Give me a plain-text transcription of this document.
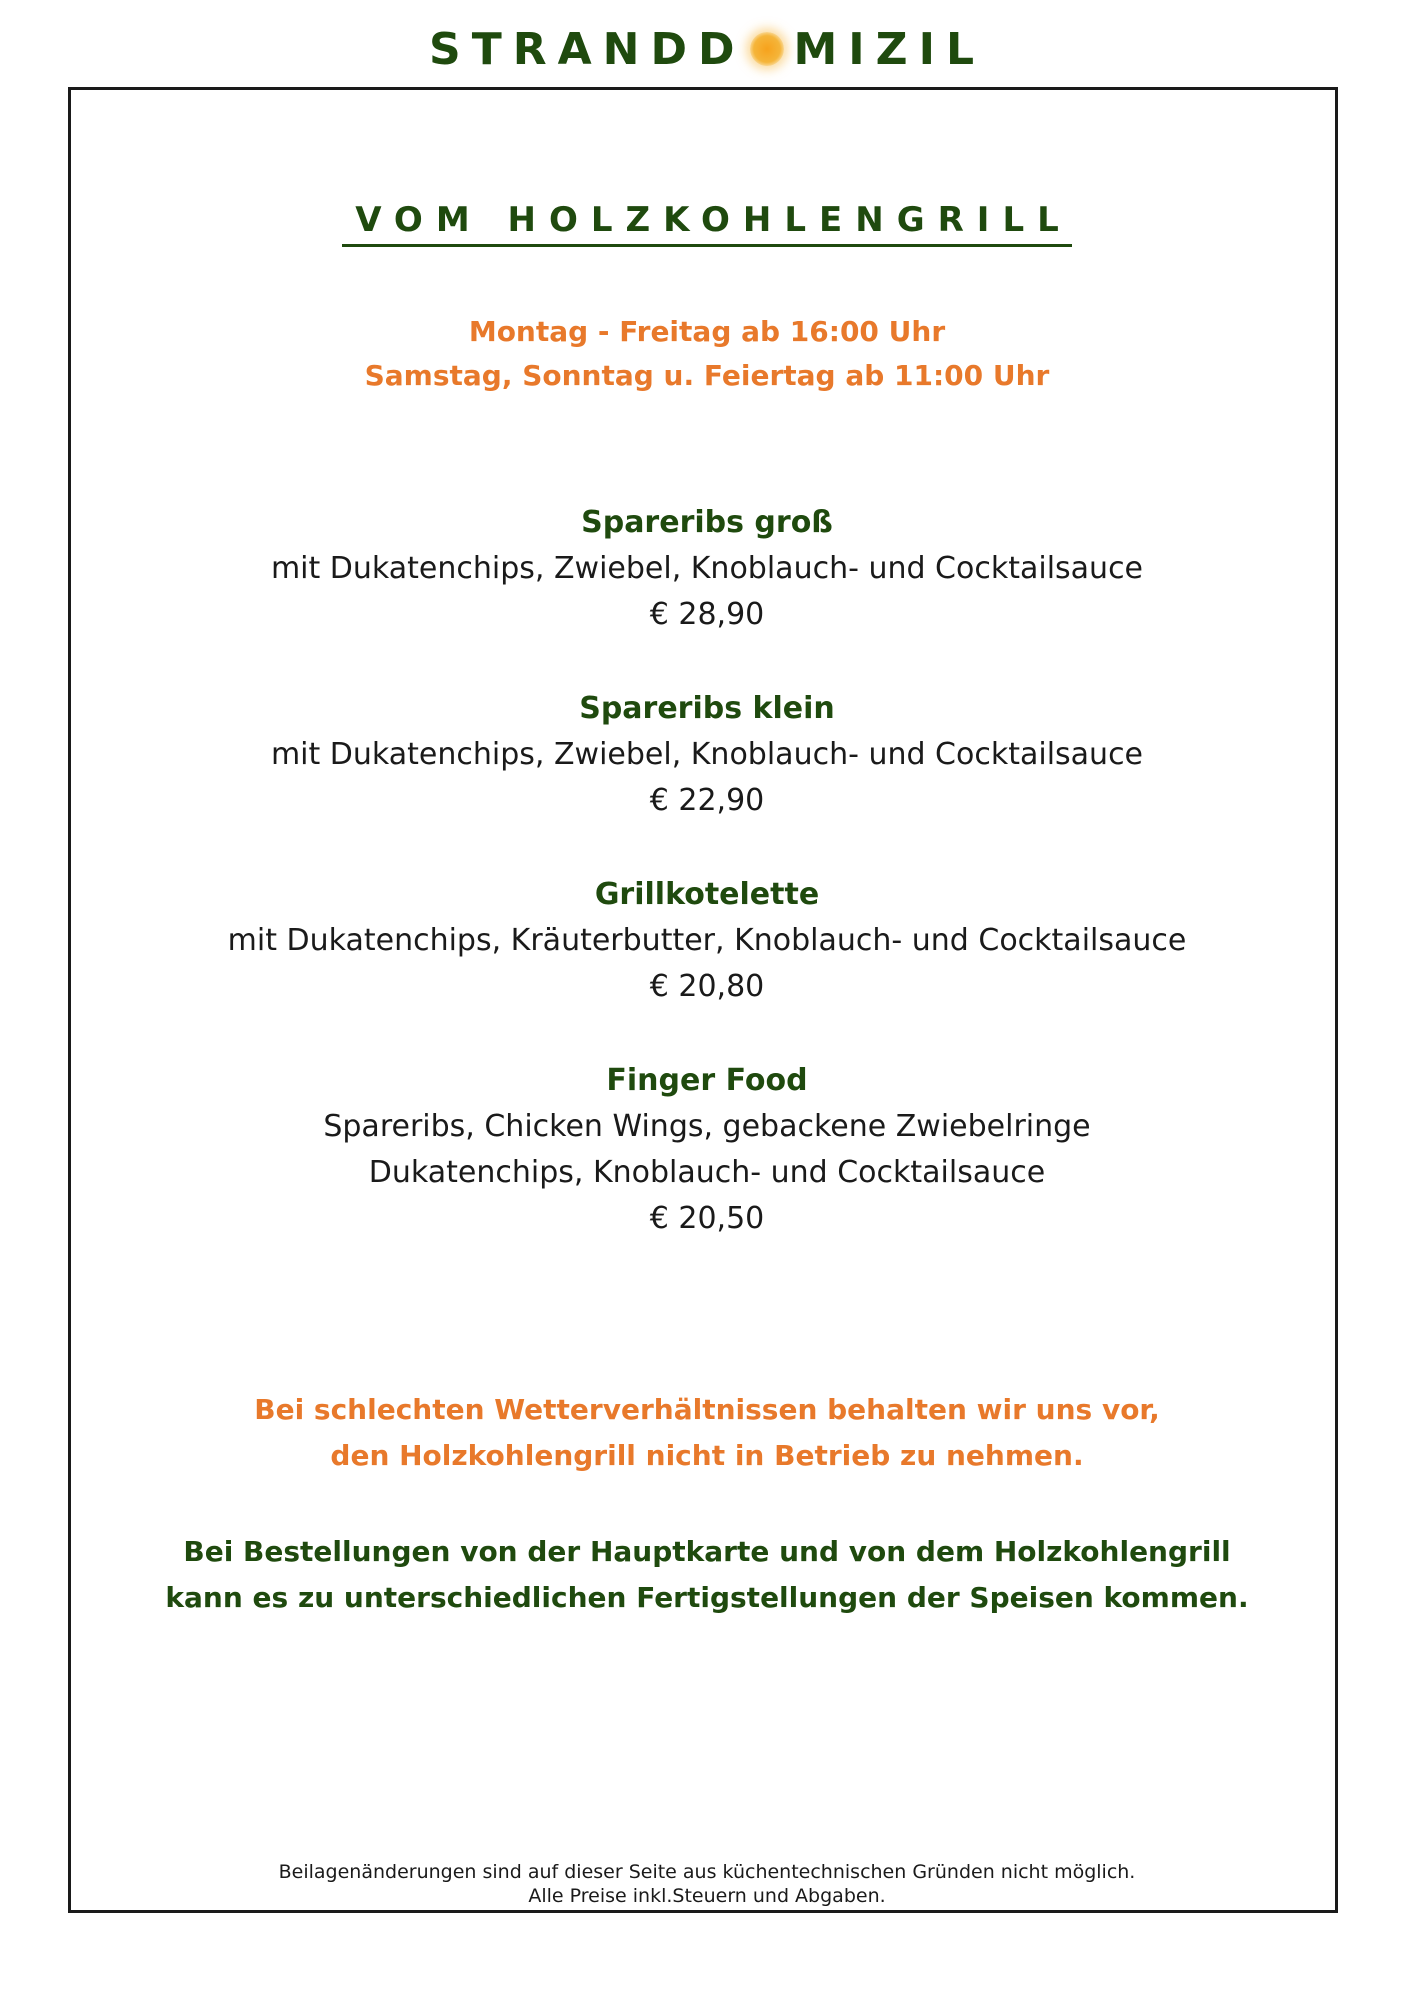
STRANDD MIZIL
VOM HOLZKOHLENGRILL
Montag - Freitag ab 16:00 Uhr
Samstag, Sonntag u. Feiertag ab 11:00 Uhr
Spareribs groß
mit Dukatenchips, Zwiebel, Knoblauch- und Cocktailsauce
€ 28,90
Spareribs klein
mit Dukatenchips, Zwiebel, Knoblauch- und Cocktailsauce
€ 22,90
Grillkotelette
mit Dukatenchips, Kräuterbutter, Knoblauch- und Cocktailsauce
€ 20,80
Finger Food
Spareribs, Chicken Wings, gebackene Zwiebelringe
Dukatenchips, Knoblauch- und Cocktailsauce
€ 20,50
Bei schlechten Wetterverhältnissen behalten wir uns vor,
den Holzkohlengrill nicht in Betrieb zu nehmen.
Bei Bestellungen von der Hauptkarte und von dem Holzkohlengrill
kann es zu unterschiedlichen Fertigstellungen der Speisen kommen.
Beilagenänderungen sind auf dieser Seite aus küchentechnischen Gründen nicht möglich.
Alle Preise inkl.Steuern und Abgaben.
